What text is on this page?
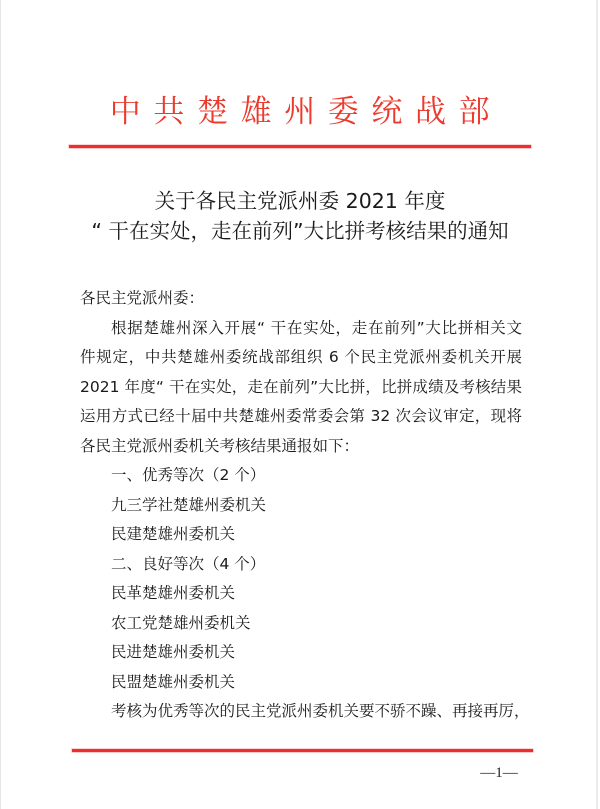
中共楚雄州委统战部
关于各民主党派州委 2021 年度
“ 干在实处，走在前列”大比拼考核结果的通知
各民主党派州委：
根据楚雄州深入开展“ 干在实处，走在前列”大比拼相关文
件规定，中共楚雄州委统战部组织 6 个民主党派州委机关开展
2021 年度“ 干在实处，走在前列”大比拼，比拼成绩及考核结果
运用方式已经十届中共楚雄州委常委会第 32 次会议审定，现将
各民主党派州委机关考核结果通报如下：
一、优秀等次（2 个）
九三学社楚雄州委机关
民建楚雄州委机关
二、良好等次（4 个）
民革楚雄州委机关
农工党楚雄州委机关
民进楚雄州委机关
民盟楚雄州委机关
考核为优秀等次的民主党派州委机关要不骄不躁、再接再厉，
—1—
